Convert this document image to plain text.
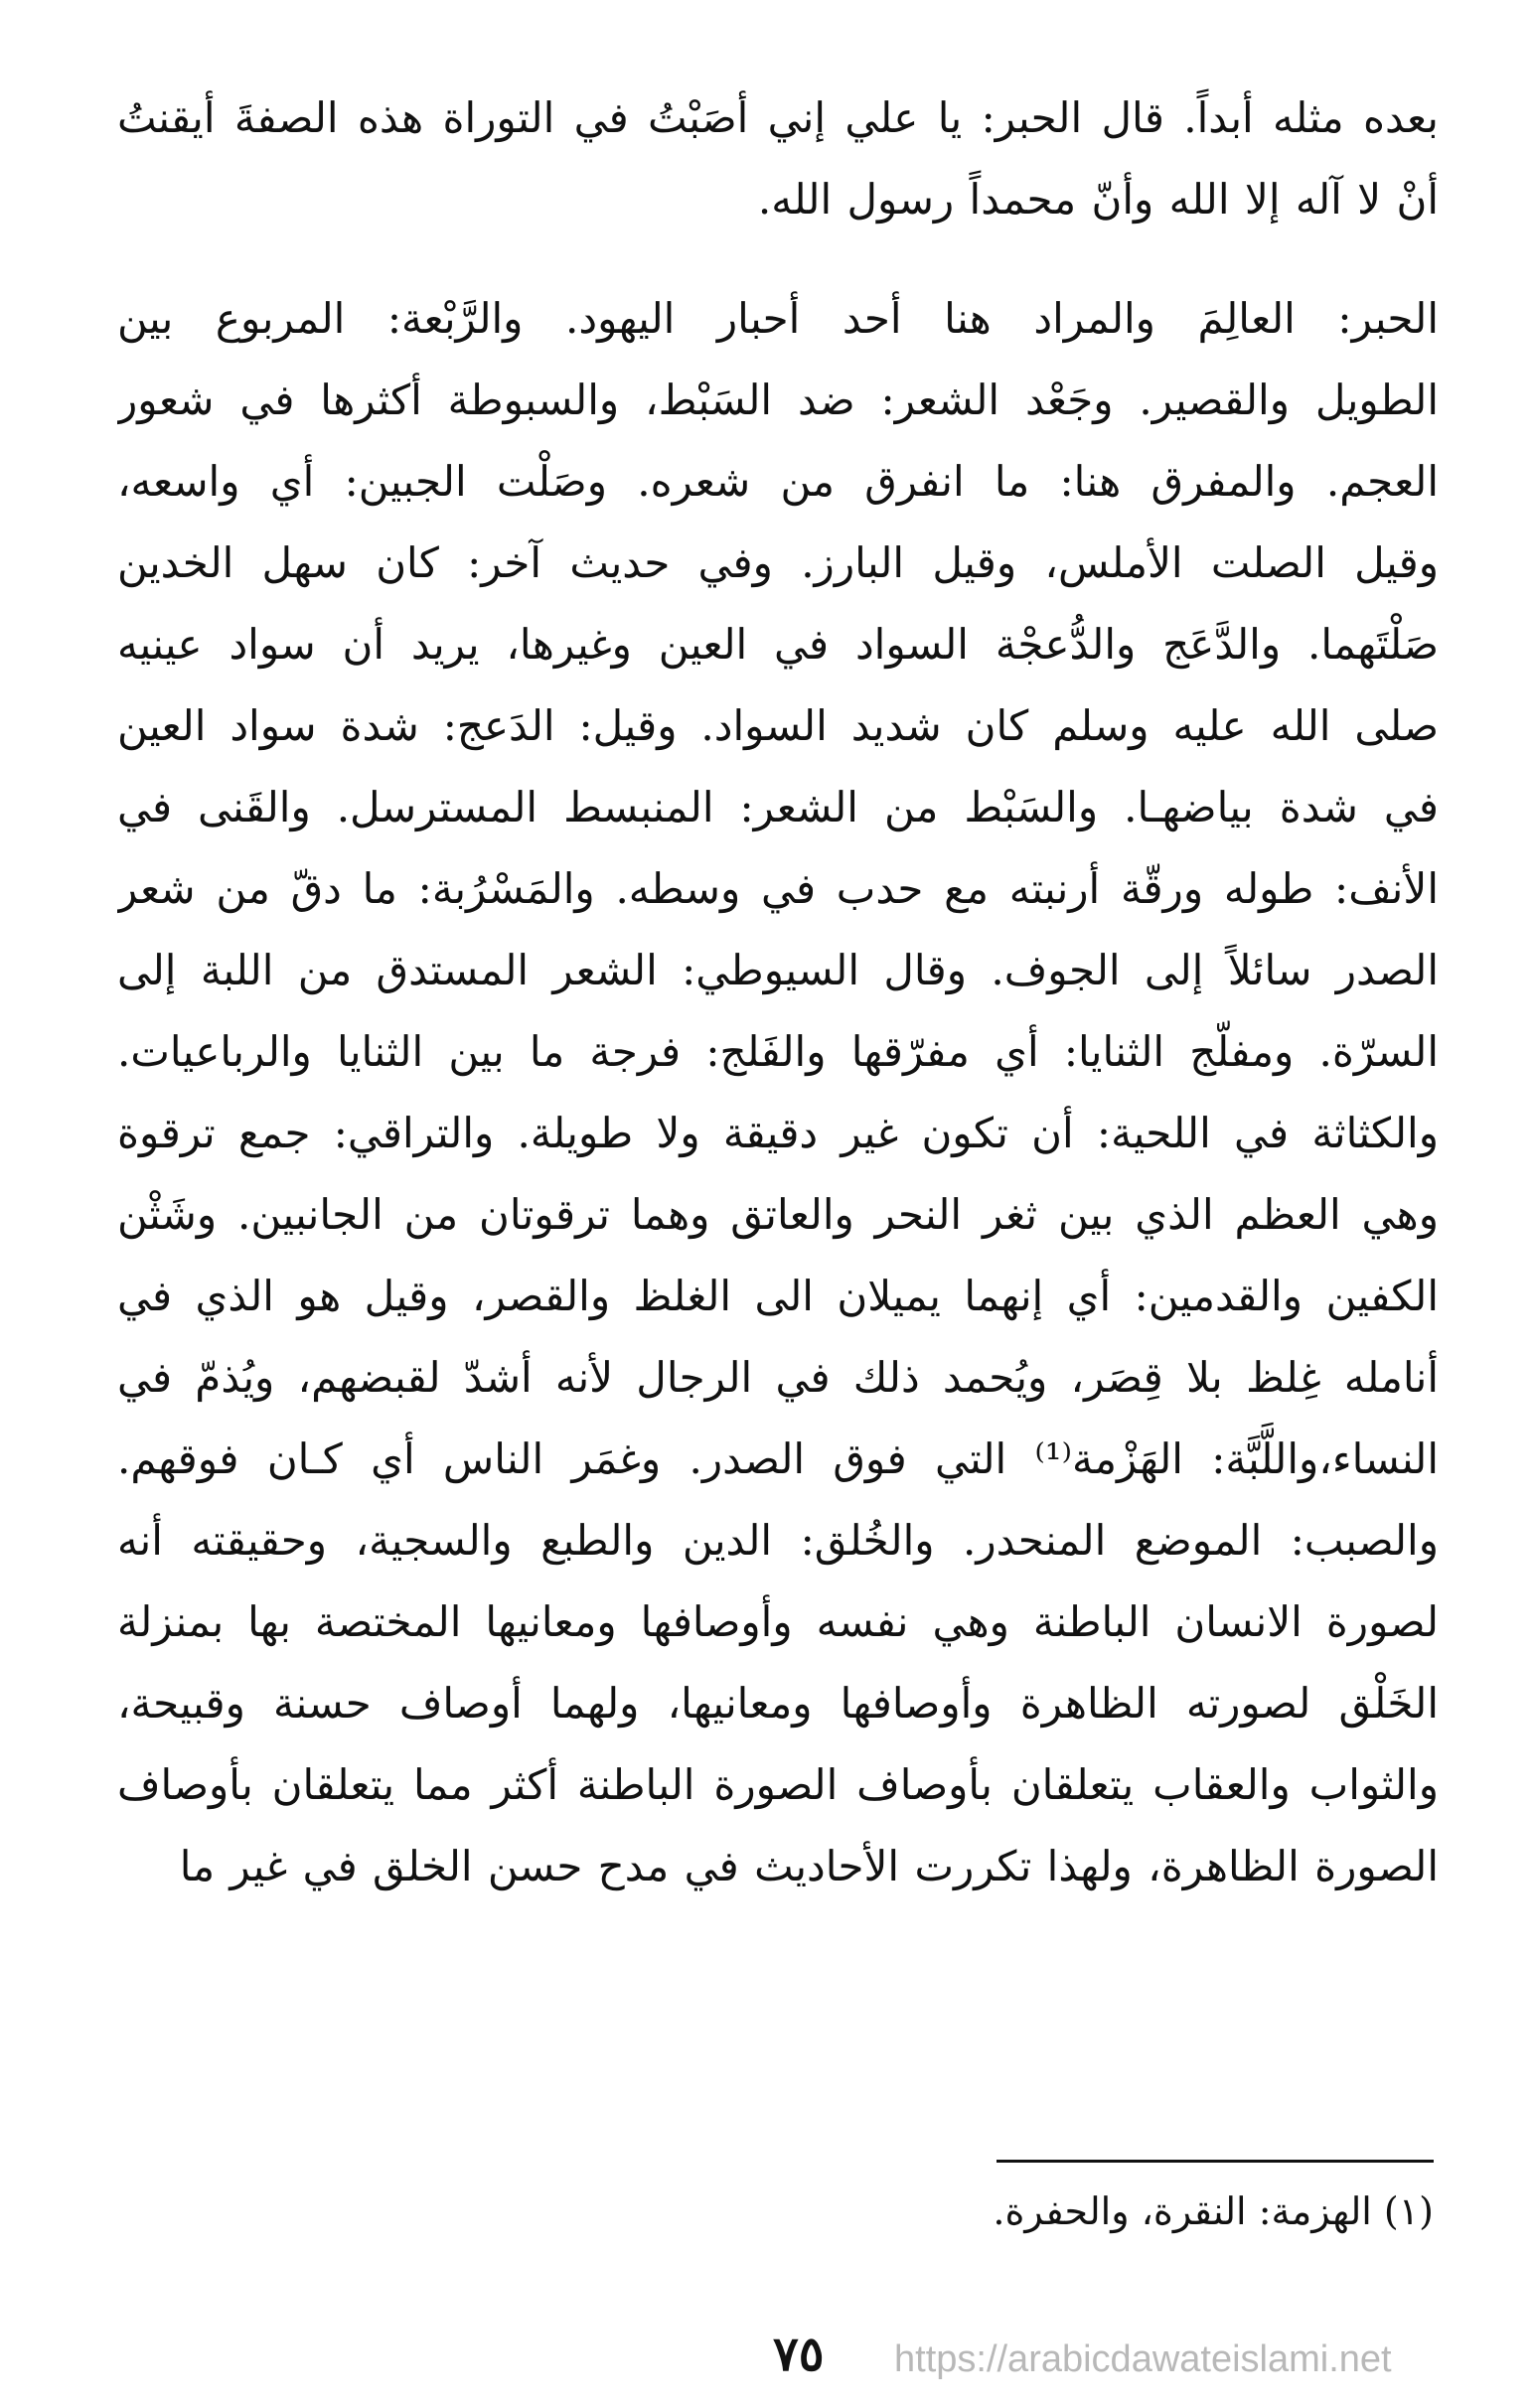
بعده مثله أبداً. قال الحبر: يا علي إني أصَبْتُ في التوراة هذه الصفةَ أيقنتُ
أنْ لا آله إلا الله وأنّ محمداً رسول الله.
الحبر: العالِمَ والمراد هنا أحد أحبار اليهود. والرَّبْعة: المربوع بين
الطويل والقصير. وجَعْد الشعر: ضد السَبْط، والسبوطة أكثرها في شعور
العجم. والمفرق هنا: ما انفرق من شعره. وصَلْت الجبين: أي واسعه،
وقيل الصلت الأملس، وقيل البارز. وفي حديث آخر: كان سهل الخدين
صَلْتَهما. والدَّعَج والدُّعجْة السواد في العين وغيرها، يريد أن سواد عينيه
صلى الله عليه وسلم كان شديد السواد. وقيل: الدَعج: شدة سواد العين
في شدة بياضهـا. والسَبْط من الشعر: المنبسط المسترسل. والقَنى في
الأنف: طوله ورقّة أرنبته مع حدب في وسطه. والمَسْرُبة: ما دقّ من شعر
الصدر سائلاً إلى الجوف. وقال السيوطي: الشعر المستدق من اللبة إلى
السرّة. ومفلّج الثنايا: أي مفرّقها والفَلج: فرجة ما بين الثنايا والرباعيات.
والكثاثة في اللحية: أن تكون غير دقيقة ولا طويلة. والتراقي: جمع ترقوة
وهي العظم الذي بين ثغر النحر والعاتق وهما ترقوتان من الجانبين. وشَثْن
الكفين والقدمين: أي إنهما يميلان الى الغلظ والقصر، وقيل هو الذي في
أنامله غِلظ بلا قِصَر، ويُحمد ذلك في الرجال لأنه أشدّ لقبضهم، ويُذمّ في
النساء،واللَّبَّة: الهَزْمة⁽¹⁾ التي فوق الصدر. وغمَر الناس أي كـان فوقهم.
والصبب: الموضع المنحدر. والخُلق: الدين والطبع والسجية، وحقيقته أنه
لصورة الانسان الباطنة وهي نفسه وأوصافها ومعانيها المختصة بها بمنزلة
الخَلْق لصورته الظاهرة وأوصافها ومعانيها، ولهما أوصاف حسنة وقبيحة،
والثواب والعقاب يتعلقان بأوصاف الصورة الباطنة أكثر مما يتعلقان بأوصاف
الصورة الظاهرة، ولهذا تكررت الأحاديث في مدح حسن الخلق في غير ما
(١) الهزمة: النقرة، والحفرة.
٧٥ https://arabicdawateislami.net
